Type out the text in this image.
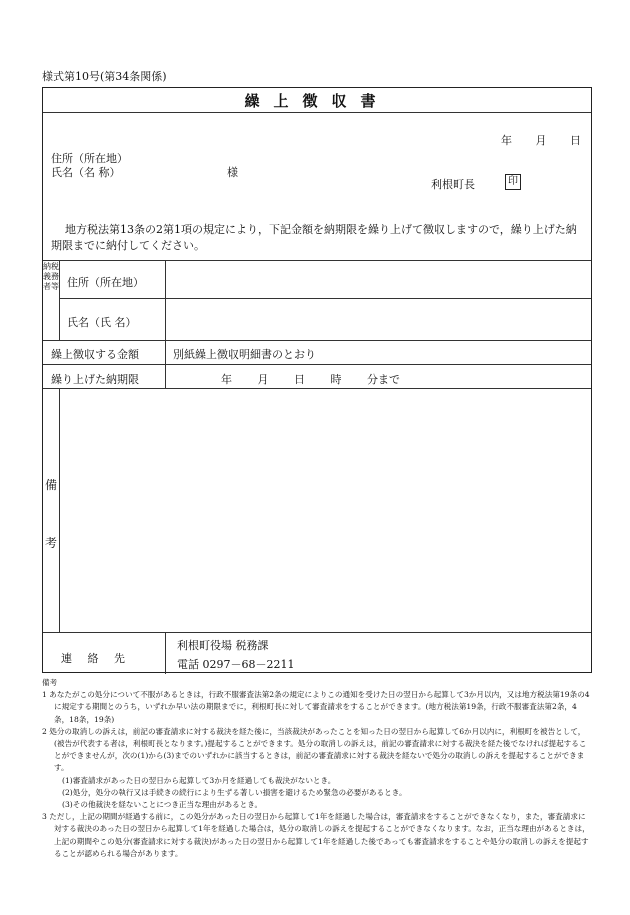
様式第10号(第34条関係)
繰上徴収書
年 月 日
住所（所在地）
氏名（名 称）	様
利根町長	印
地方税法第13条の2第1項の規定により，下記金額を納期限を繰り上げて徴収しますので，繰り上げた納期限までに納付してください。
納税義務者等 住所（所在地）
氏名（氏 名）
繰上徴収する金額	別紙繰上徴収明細書のとおり
繰り上げた納期限	年 月 日 時 分まで
備
考
連 絡 先
利根町役場 税務課
電話 0297－68－2211
備考
1 あなたがこの処分について不服があるときは，行政不服審査法第2条の規定によりこの通知を受けた日の翌日から起算して3か月以内，又は地方税法第19条の4に規定する期間とのうち，いずれか早い法の期限までに，利根町長に対して審査請求をすることができます。(地方税法第19条，行政不服審査法第2条，4条，18条，19条)
2 処分の取消しの訴えは，前記の審査請求に対する裁決を経た後に，当該裁決があったことを知った日の翌日から起算して6か月以内に，利根町を被告として，(被告が代表する者は，利根町長となります。)提起することができます。処分の取消しの訴えは，前記の審査請求に対する裁決を経た後でなければ提起することができませんが，次の(1)から(3)までのいずれかに該当するときは，前記の審査請求に対する裁決を経ないで処分の取消しの訴えを提起することができます。
(1)審査請求があった日の翌日から起算して3か月を経過しても裁決がないとき。
(2)処分，処分の執行又は手続きの続行により生ずる著しい損害を避けるため緊急の必要があるとき。
(3)その他裁決を経ないことにつき正当な理由があるとき。
3 ただし，上記の期間が経過する前に，この処分があった日の翌日から起算して1年を経過した場合は，審査請求をすることができなくなり，また，審査請求に対する裁決のあった日の翌日から起算して1年を経過した場合は，処分の取消しの訴えを提起することができなくなります。なお，正当な理由があるときは，上記の期間やこの処分(審査請求に対する裁決)があった日の翌日から起算して1年を経過した後であっても審査請求をすることや処分の取消しの訴えを提起することが認められる場合があります。
